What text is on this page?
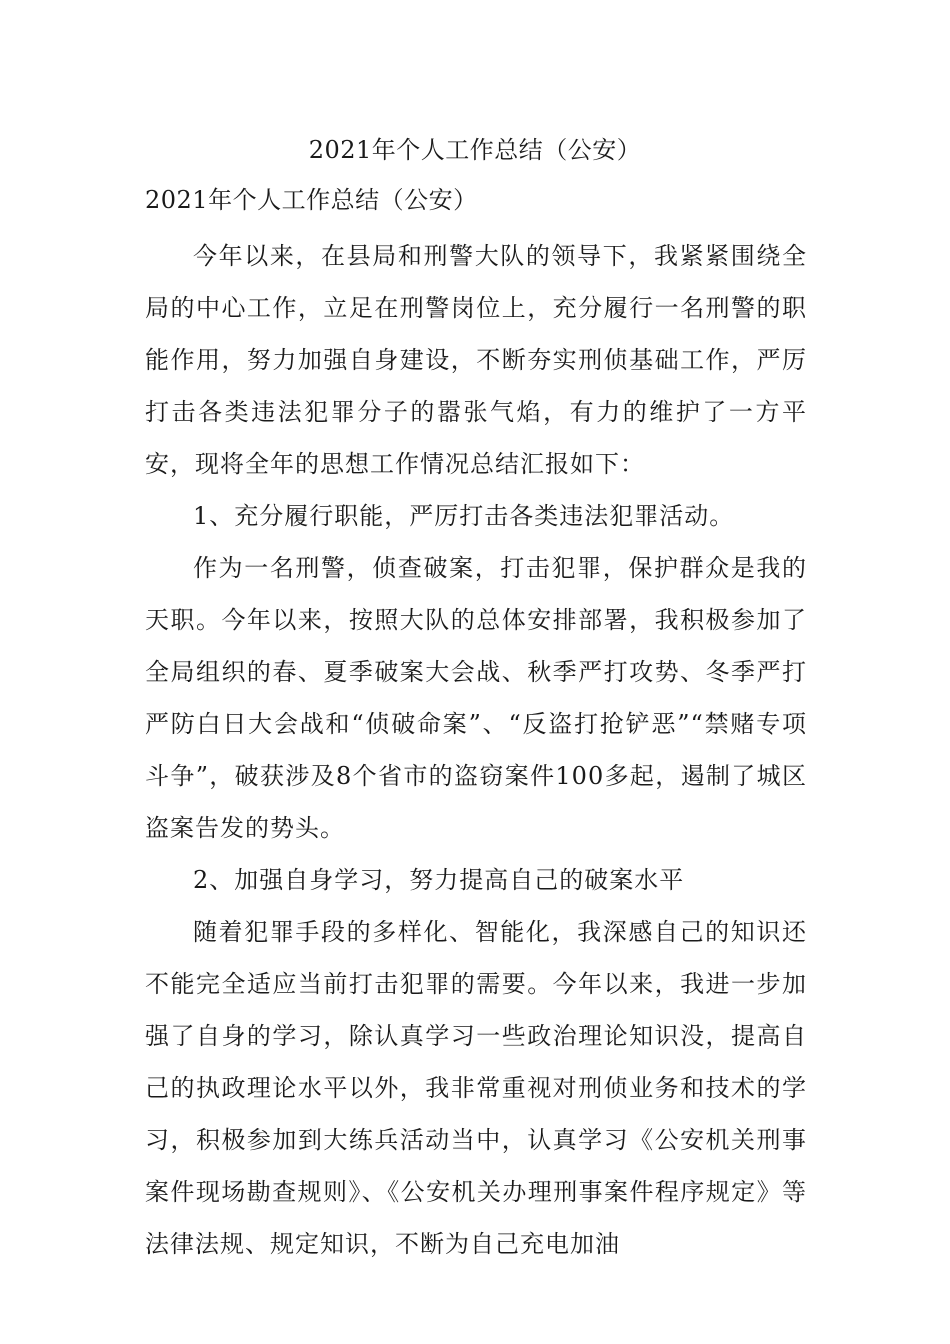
2021年个人工作总结（公安）
2021年个人工作总结（公安）

今年以来，在县局和刑警大队的领导下，我紧紧围绕全局的中心工作，立足在刑警岗位上，充分履行一名刑警的职能作用，努力加强自身建设，不断夯实刑侦基础工作，严厉打击各类违法犯罪分子的嚣张气焰，有力的维护了一方平安，现将全年的思想工作情况总结汇报如下：

1、充分履行职能，严厉打击各类违法犯罪活动。

作为一名刑警，侦查破案，打击犯罪，保护群众是我的天职。今年以来，按照大队的总体安排部署，我积极参加了全局组织的春、夏季破案大会战、秋季严打攻势、冬季严打严防白日大会战和“侦破命案”、“反盗打抢铲恶”“禁赌专项斗争”，破获涉及8个省市的盗窃案件100多起，遏制了城区盗案告发的势头。

2、加强自身学习，努力提高自己的破案水平

随着犯罪手段的多样化、智能化，我深感自己的知识还不能完全适应当前打击犯罪的需要。今年以来，我进一步加强了自身的学习，除认真学习一些政治理论知识没，提高自己的执政理论水平以外，我非常重视对刑侦业务和技术的学习，积极参加到大练兵活动当中，认真学习《公安机关刑事案件现场勘查规则》、《公安机关办理刑事案件程序规定》等法律法规、规定知识，不断为自己充电加油
